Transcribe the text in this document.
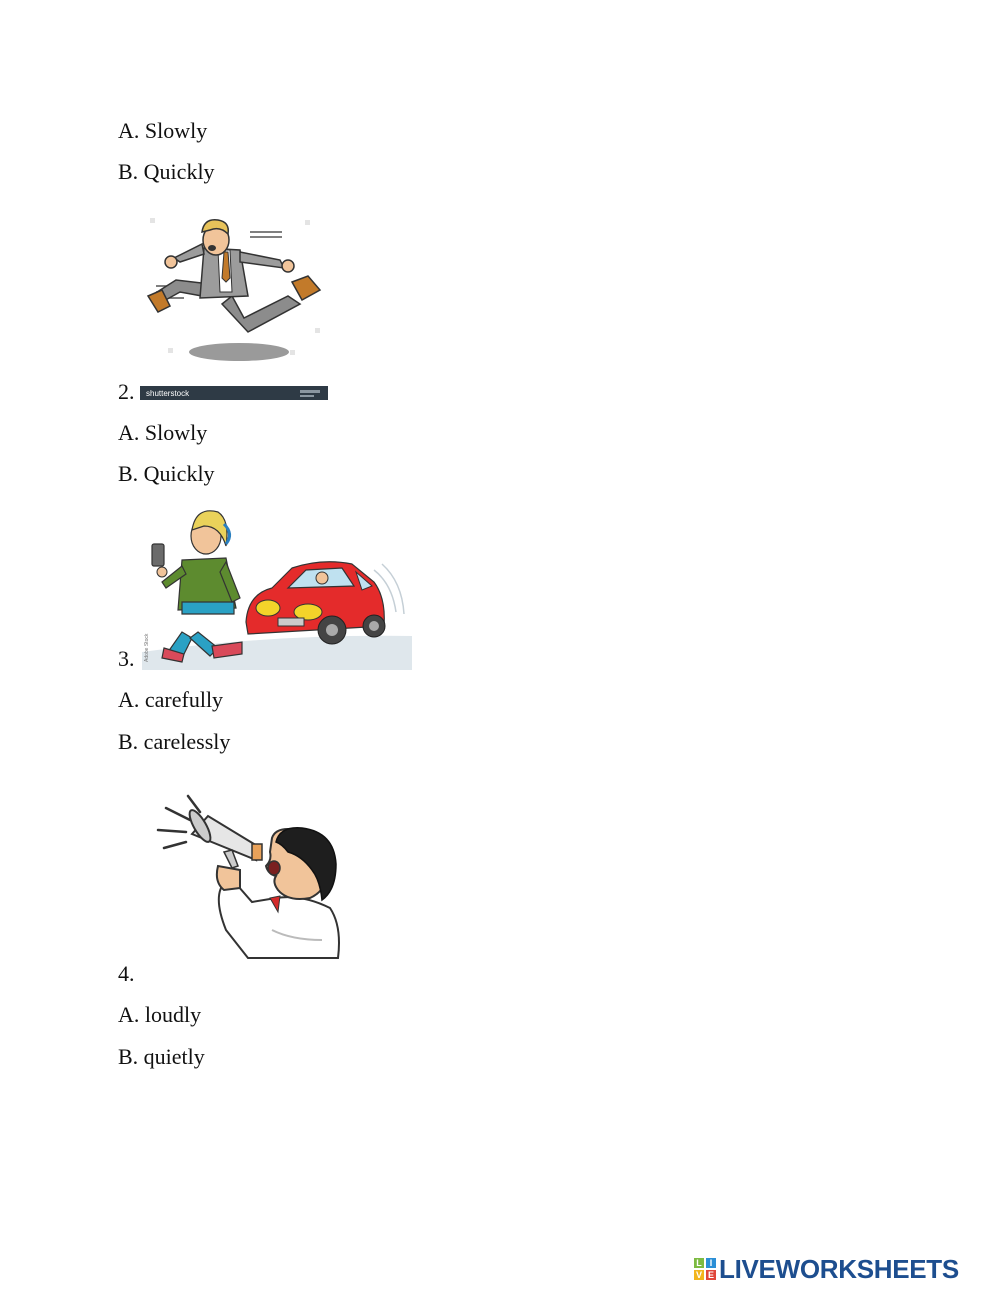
A. Slowly
B. Quickly
shutterstock
2.
A. Slowly
B. Quickly
Adobe Stock
3.
A. carefully
B. carelessly
4.
A. loudly
B. quietly
L I
V E LIVEWORKSHEETS
